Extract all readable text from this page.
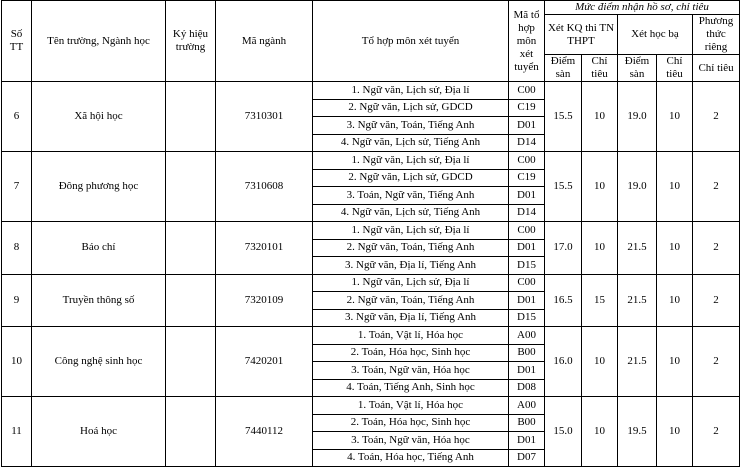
Số TT	Tên trường, Ngành học	Ký hiệu trường	Mã ngành	Tổ hợp môn xét tuyển	Mã tổ hợp môn xét tuyển	Mức điểm nhận hồ sơ, chỉ tiêu				
						Xét KQ thi TN THPT		Xét học bạ		Phương thức riêng
						Điểm sàn	Chỉ tiêu	Điểm sàn	Chỉ tiêu	Chỉ tiêu
6	Xã hội học		7310301	1. Ngữ văn, Lịch sử, Địa lí	C00	15.5	10	19.0	10	2
				2. Ngữ văn, Lịch sử, GDCD	C19					
				3. Ngữ văn, Toán, Tiếng Anh	D01					
				4. Ngữ văn, Lịch sử, Tiếng Anh	D14					
7	Đông phương học		7310608	1. Ngữ văn, Lịch sử, Địa lí	C00	15.5	10	19.0	10	2
				2. Ngữ văn, Lịch sử, GDCD	C19					
				3. Toán, Ngữ văn, Tiếng Anh	D01					
				4. Ngữ văn, Lịch sử, Tiếng Anh	D14					
8	Báo chí		7320101	1. Ngữ văn, Lịch sử, Địa lí	C00	17.0	10	21.5	10	2
				2. Ngữ văn, Toán, Tiếng Anh	D01					
				3. Ngữ văn, Địa lí, Tiếng Anh	D15					
9	Truyền thông số		7320109	1. Ngữ văn, Lịch sử, Địa lí	C00	16.5	15	21.5	10	2
				2. Ngữ văn, Toán, Tiếng Anh	D01					
				3. Ngữ văn, Địa lí, Tiếng Anh	D15					
10	Công nghệ sinh học		7420201	1. Toán, Vật lí, Hóa học	A00	16.0	10	21.5	10	2
				2. Toán, Hóa học, Sinh học	B00					
				3. Toán, Ngữ văn, Hóa học	D01					
				4. Toán, Tiếng Anh, Sinh học	D08					
11	Hoá học		7440112	1. Toán, Vật lí, Hóa học	A00	15.0	10	19.5	10	2
				2. Toán, Hóa học, Sinh học	B00					
				3. Toán, Ngữ văn, Hóa học	D01					
				4. Toán, Hóa học, Tiếng Anh	D07					
